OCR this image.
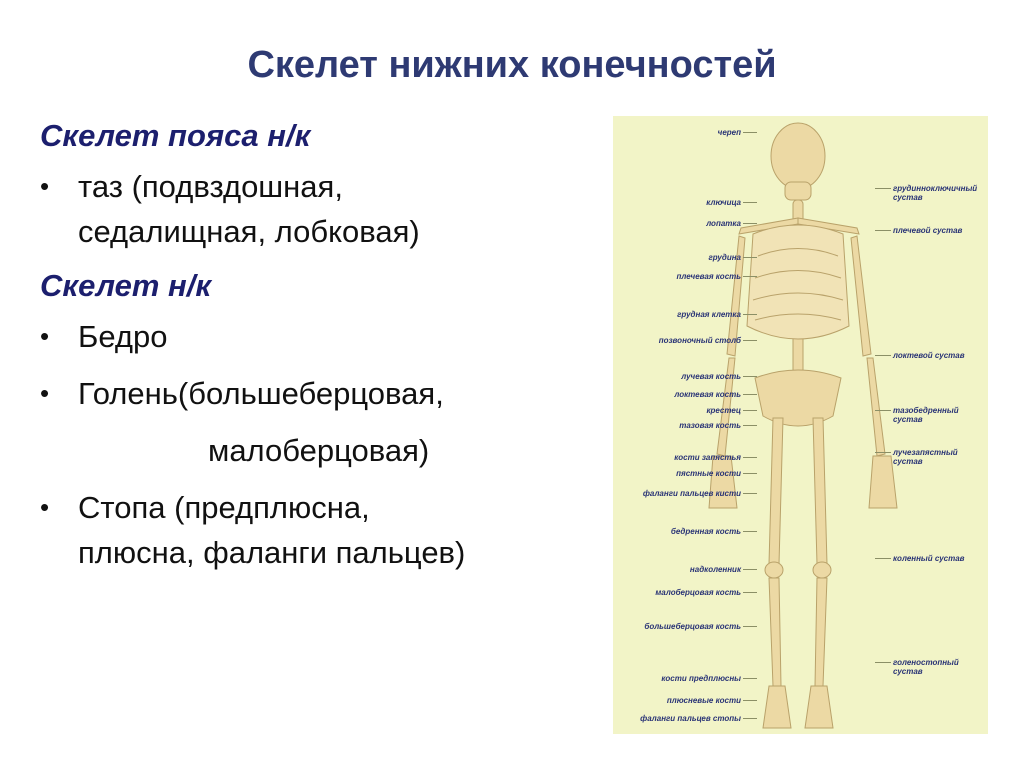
Скелет нижних конечностей
Скелет пояса н/к
• таз (подвздошная,
седалищная, лобковая)
Скелет н/к
• Бедро
• Голень(большеберцовая,
малоберцовая)
• Стопа (предплюсна,
плюсна, фаланги пальцев)
череп
ключица
лопатка
грудина
плечевая кость
грудная клетка
позвоночный столб
лучевая кость
локтевая кость
крестец
тазовая кость
кости запястья
пястные кости
фаланги пальцев кисти
бедренная кость
надколенник
малоберцовая кость
большеберцовая кость
кости предплюсны
плюсневые кости
фаланги пальцев стопы
грудинноключичный сустав
плечевой сустав
локтевой сустав
тазобедренный сустав
лучезапястный сустав
коленный сустав
голеностопный сустав
